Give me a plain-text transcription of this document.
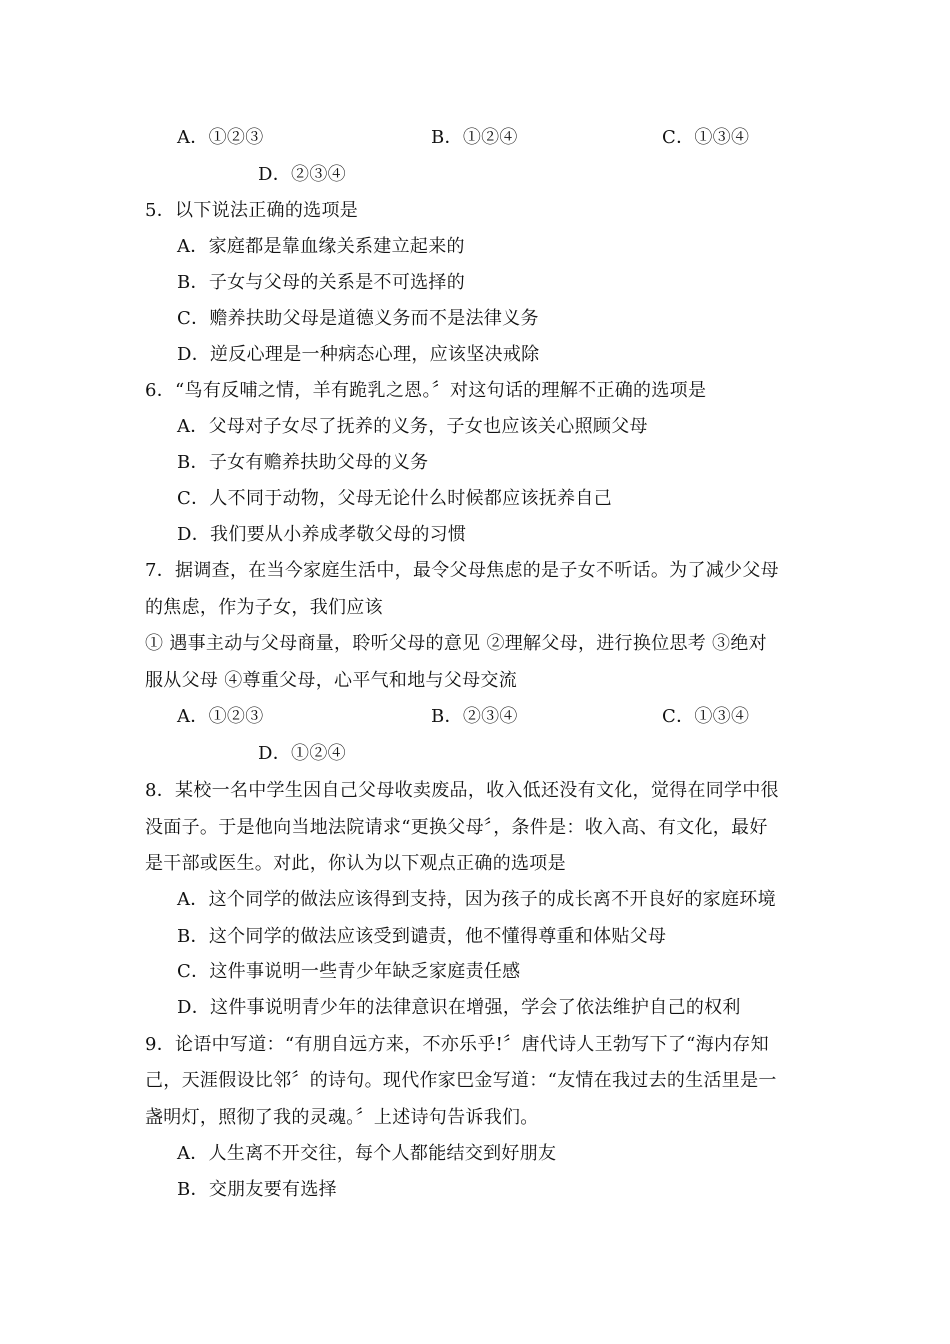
A．①②③	B．①②④	C．①③④
D．②③④
5．以下说法正确的选项是
A．家庭都是靠血缘关系建立起来的
B．子女与父母的关系是不可选择的
C．赡养扶助父母是道德义务而不是法律义务
D．逆反心理是一种病态心理，应该坚决戒除
6．“鸟有反哺之情，羊有跪乳之恩。〞对这句话的理解不正确的选项是
A．父母对子女尽了抚养的义务，子女也应该关心照顾父母
B．子女有赡养扶助父母的义务
C．人不同于动物，父母无论什么时候都应该抚养自己
D．我们要从小养成孝敬父母的习惯
7．据调查，在当今家庭生活中，最令父母焦虑的是子女不听话。为了减少父母
的焦虑，作为子女，我们应该
① 遇事主动与父母商量，聆听父母的意见 ②理解父母，进行换位思考 ③绝对
服从父母 ④尊重父母，心平气和地与父母交流
A．①②③	B．②③④	C．①③④
D．①②④
8．某校一名中学生因自己父母收卖废品，收入低还没有文化，觉得在同学中很
没面子。于是他向当地法院请求“更换父母〞，条件是：收入高、有文化，最好
是干部或医生。对此，你认为以下观点正确的选项是
A．这个同学的做法应该得到支持，因为孩子的成长离不开良好的家庭环境
B．这个同学的做法应该受到谴责，他不懂得尊重和体贴父母
C．这件事说明一些青少年缺乏家庭责任感
D．这件事说明青少年的法律意识在增强，学会了依法维护自己的权利
9．论语中写道：“有朋自远方来，不亦乐乎!〞唐代诗人王勃写下了“海内存知
己，天涯假设比邻〞的诗句。现代作家巴金写道：“友情在我过去的生活里是一
盏明灯，照彻了我的灵魂。〞上述诗句告诉我们。
A．人生离不开交往，每个人都能结交到好朋友
B．交朋友要有选择
